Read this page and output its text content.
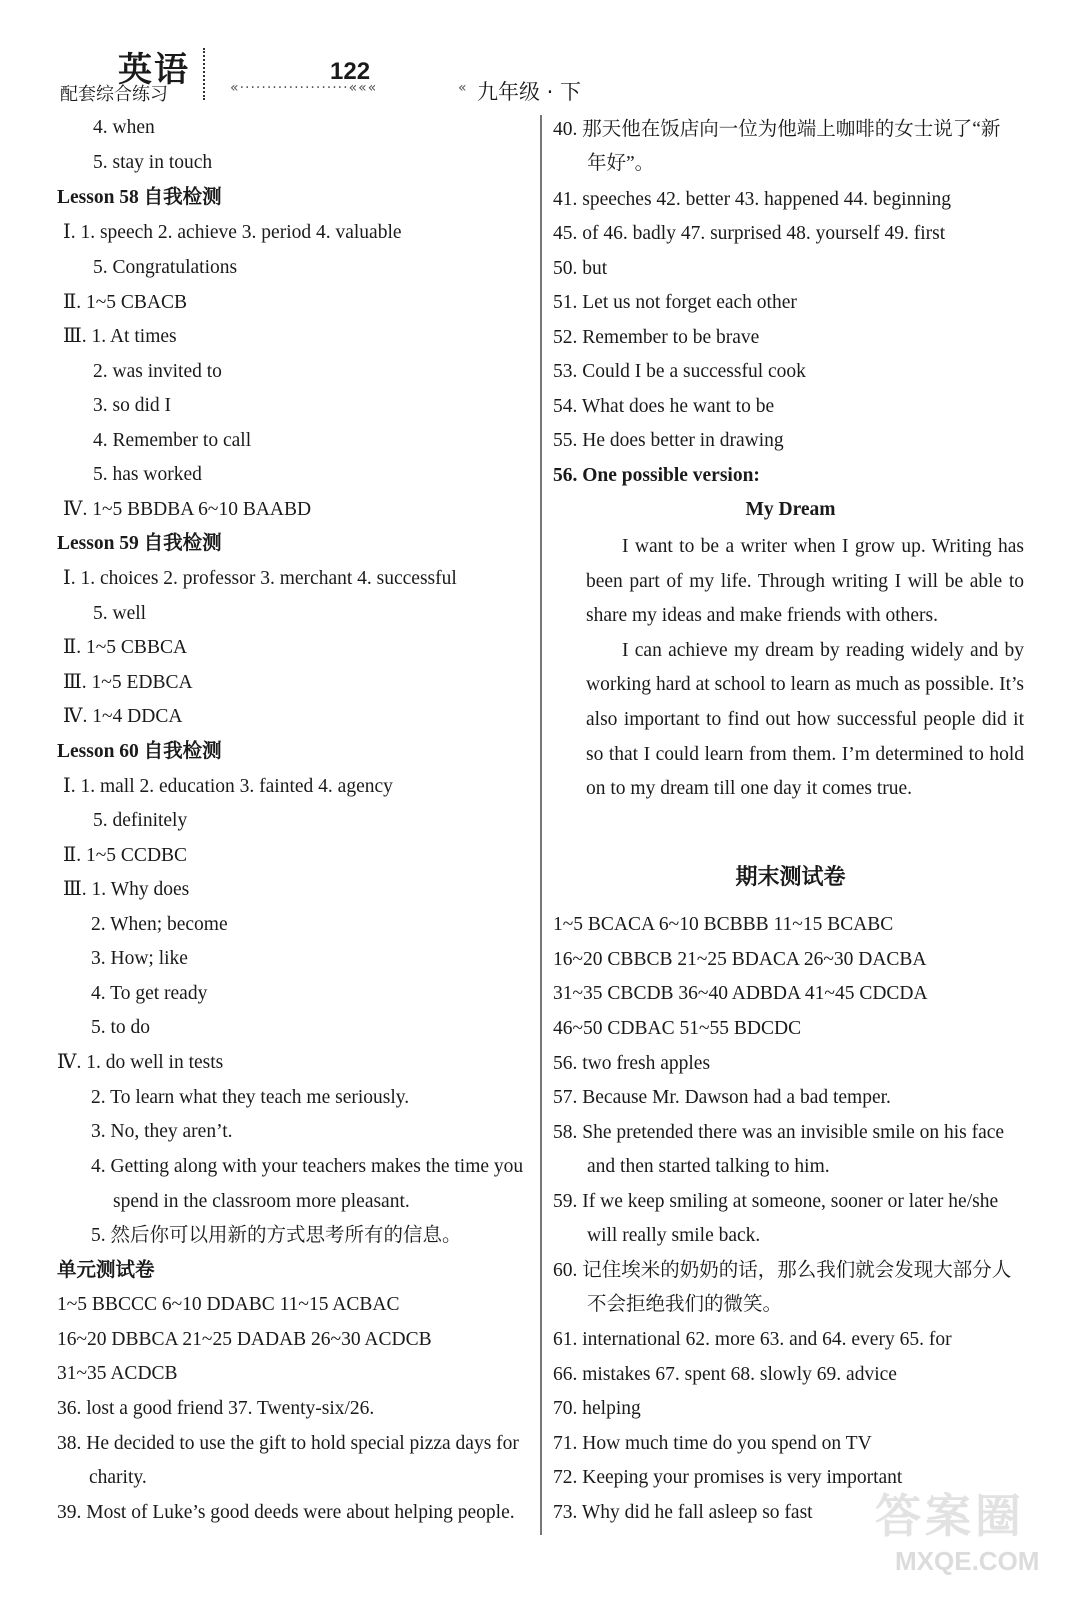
英语
配套综合练习	«····················«««
122
« 九年级 · 下
4. when
5. stay in touch
Lesson 58 自我检测
Ⅰ. 1. speech 2. achieve 3. period 4. valuable
5. Congratulations
Ⅱ. 1~5 CBACB
Ⅲ. 1. At times
2. was invited to
3. so did I
4. Remember to call
5. has worked
Ⅳ. 1~5 BBDBA 6~10 BAABD
Lesson 59 自我检测
Ⅰ. 1. choices 2. professor 3. merchant 4. successful
5. well
Ⅱ. 1~5 CBBCA
Ⅲ. 1~5 EDBCA
Ⅳ. 1~4 DDCA
Lesson 60 自我检测
Ⅰ. 1. mall 2. education 3. fainted 4. agency
5. definitely
Ⅱ. 1~5 CCDBC
Ⅲ. 1. Why does
2. When; become
3. How; like
4. To get ready
5. to do
Ⅳ. 1. do well in tests
2. To learn what they teach me seriously.
3. No, they aren’t.
4. Getting along with your teachers makes the time you
spend in the classroom more pleasant.
5. 然后你可以用新的方式思考所有的信息。
单元测试卷
1~5 BBCCC 6~10 DDABC 11~15 ACBAC
16~20 DBBCA 21~25 DADAB 26~30 ACDCB
31~35 ACDCB
36. lost a good friend 37. Twenty-six/26.
38. He decided to use the gift to hold special pizza days for
charity.
39. Most of Luke’s good deeds were about helping people.
40. 那天他在饭店向一位为他端上咖啡的女士说了“新
年好”。
41. speeches 42. better 43. happened 44. beginning
45. of 46. badly 47. surprised 48. yourself 49. first
50. but
51. Let us not forget each other
52. Remember to be brave
53. Could I be a successful cook
54. What does he want to be
55. He does better in drawing
56. One possible version:
1~5 BCACA 6~10 BCBBB 11~15 BCABC
16~20 CBBCB 21~25 BDACA 26~30 DACBA
31~35 CBCDB 36~40 ADBDA 41~45 CDCDA
46~50 CDBAC 51~55 BDCDC
56. two fresh apples
57. Because Mr. Dawson had a bad temper.
58. She pretended there was an invisible smile on his face
and then started talking to him.
59. If we keep smiling at someone, sooner or later he/she
will really smile back.
60. 记住埃米的奶奶的话，那么我们就会发现大部分人
不会拒绝我们的微笑。
61. international 62. more 63. and 64. every 65. for
66. mistakes 67. spent 68. slowly 69. advice
70. helping
71. How much time do you spend on TV
72. Keeping your promises is very important
73. Why did he fall asleep so fast
My Dream

I want to be a writer when I grow up. Writing has been part of my life. Through writing I will be able to share my ideas and make friends with others.

I can achieve my dream by reading widely and by working hard at school to learn as much as possible. It’s also important to find out how successful people did it so that I could learn from them. I’m determined to hold on to my dream till one day it comes true.

期末测试卷
答案圈
MXQE.COM
